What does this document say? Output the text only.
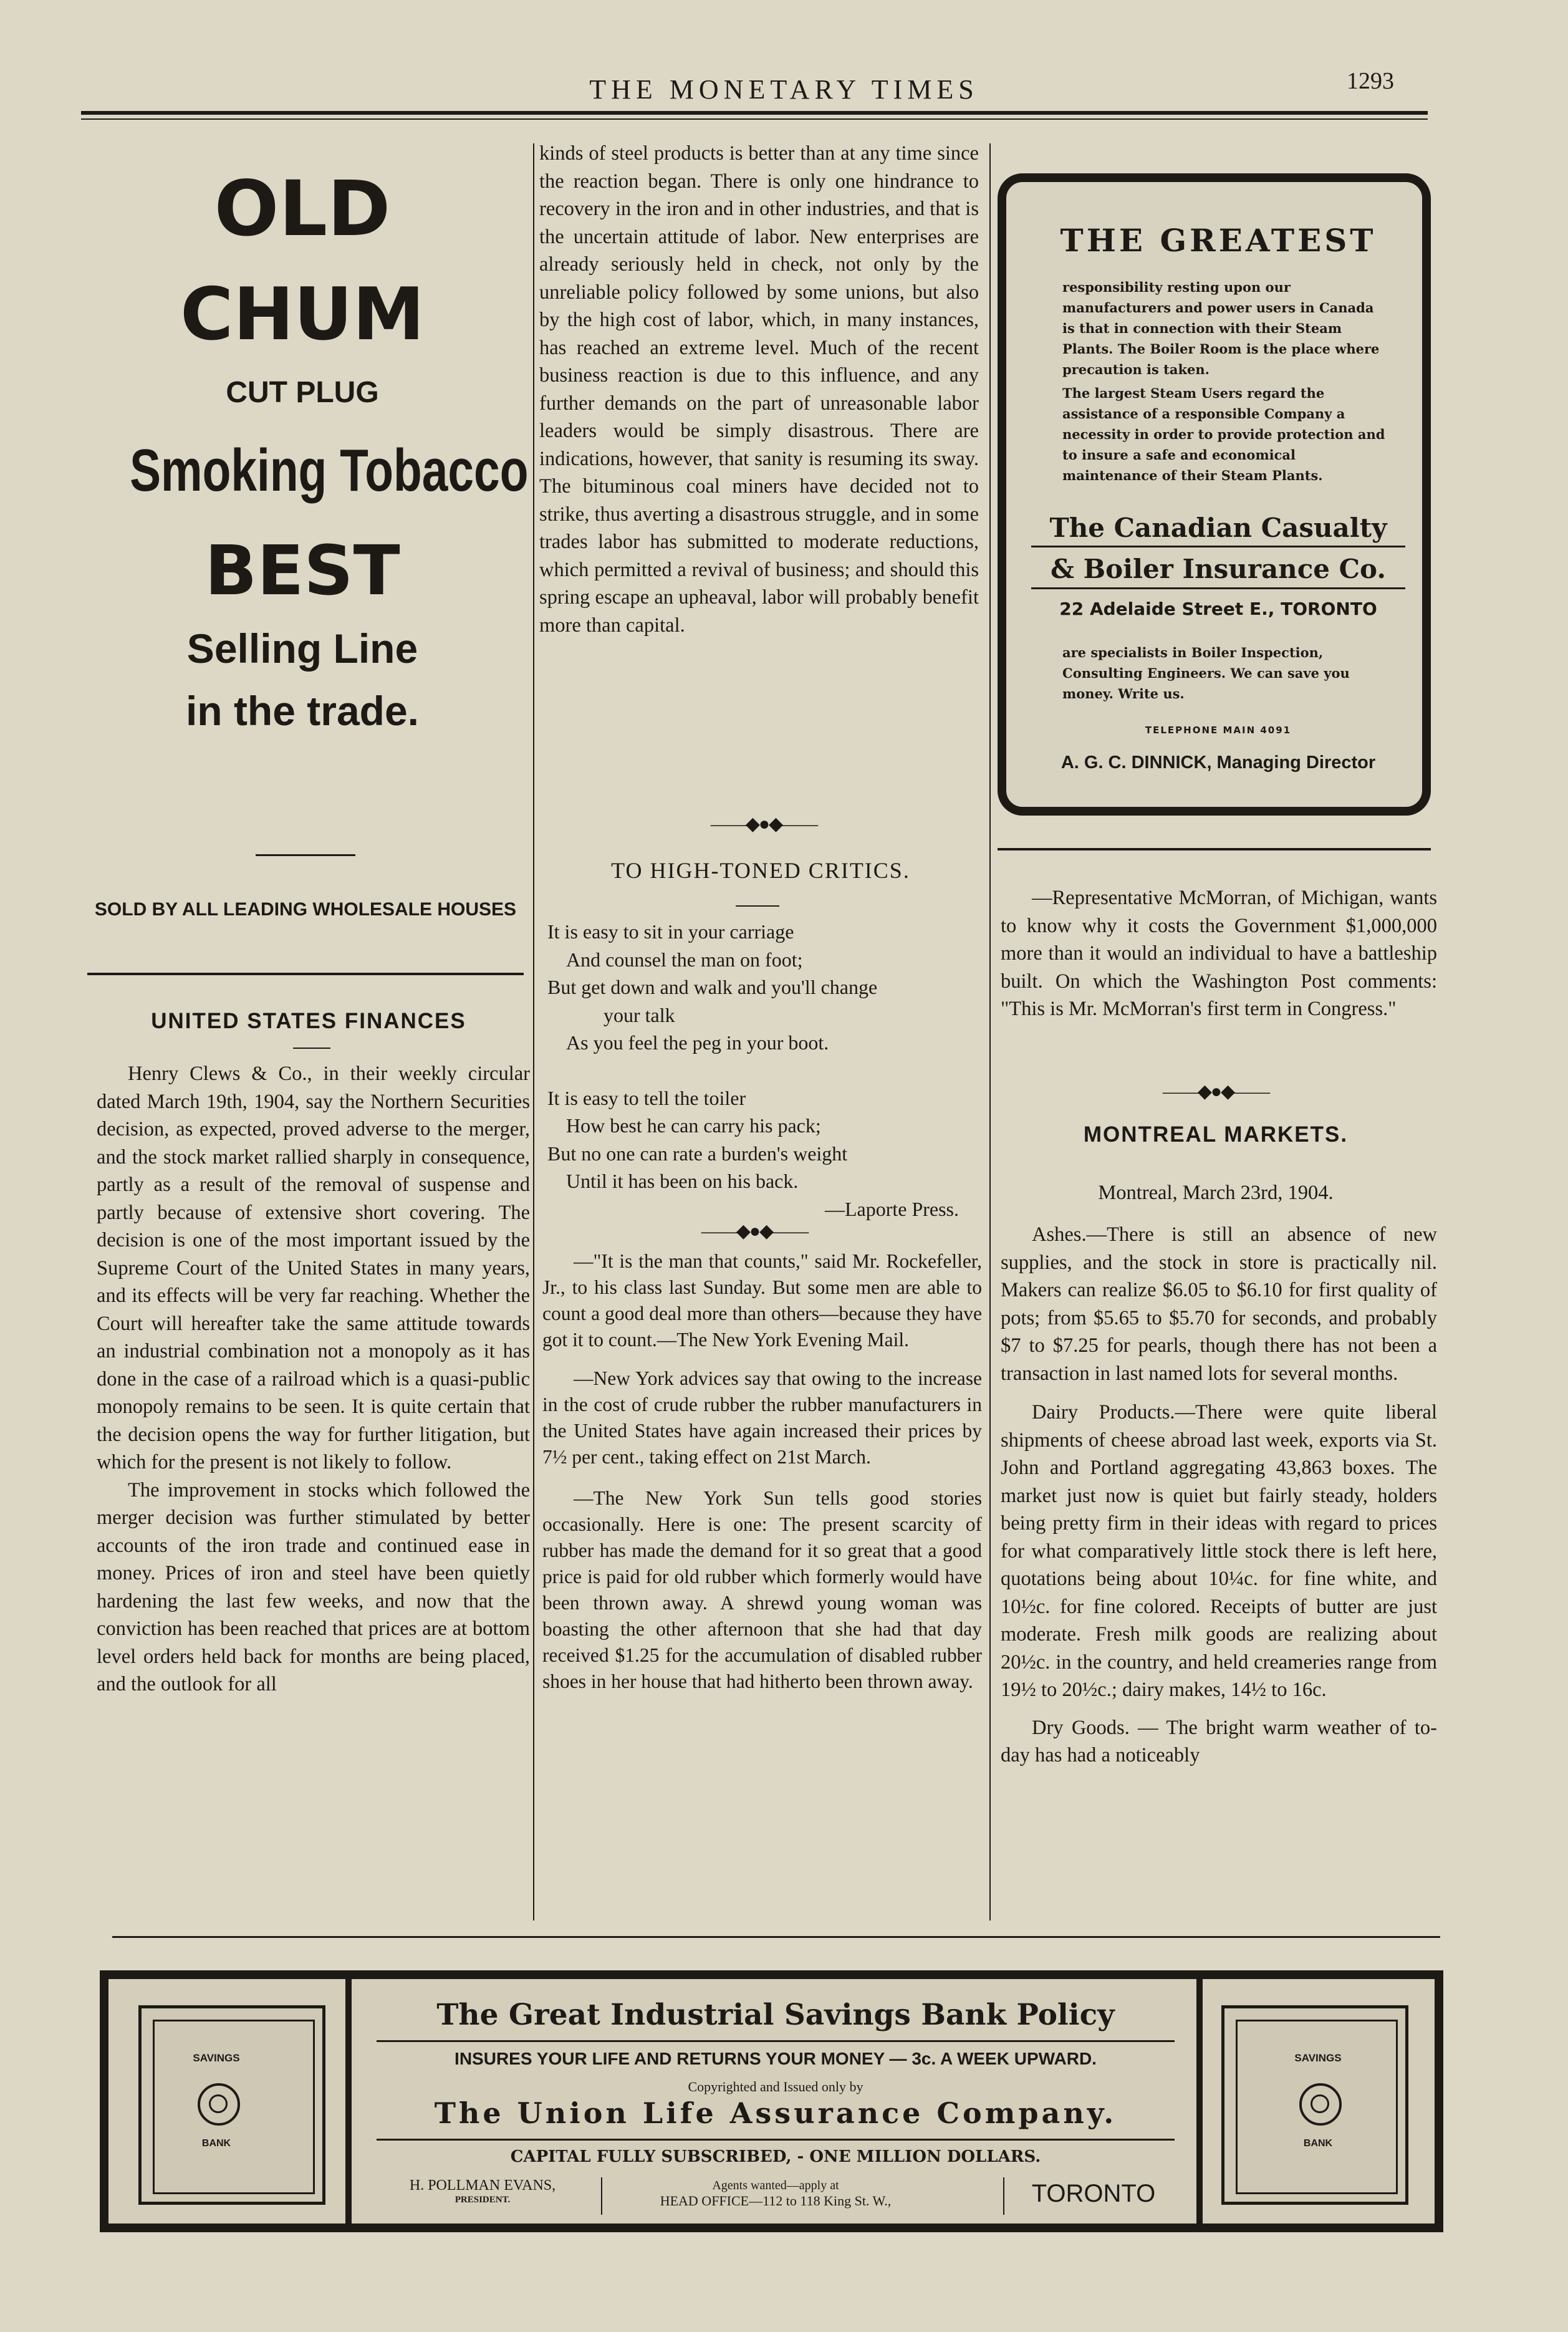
THE MONETARY TIMES	1293
OLD
CHUM
CUT PLUG
Smoking Tobacco
BEST
Selling Line
in the trade.
SOLD BY ALL LEADING WHOLESALE HOUSES
UNITED STATES FINANCES

Henry Clews & Co., in their weekly circular dated March 19th, 1904, say the Northern Securities decision, as expected, proved adverse to the merger, and the stock market rallied sharply in consequence, partly as a result of the removal of suspense and partly because of extensive short covering. The decision is one of the most important issued by the Supreme Court of the United States in many years, and its effects will be very far reaching. Whether the Court will hereafter take the same attitude towards an industrial combination not a monopoly as it has done in the case of a railroad which is a quasi-public monopoly remains to be seen. It is quite certain that the decision opens the way for further litigation, but which for the present is not likely to follow.

The improvement in stocks which followed the merger decision was further stimulated by better accounts of the iron trade and continued ease in money. Prices of iron and steel have been quietly hardening the last few weeks, and now that the conviction has been reached that prices are at bottom level orders held back for months are being placed, and the outlook for all

kinds of steel products is better than at any time since the reaction began. There is only one hindrance to recovery in the iron and in other industries, and that is the uncertain attitude of labor. New enterprises are already seriously held in check, not only by the unreliable policy followed by some unions, but also by the high cost of labor, which, in many instances, has reached an extreme level. Much of the recent business reaction is due to this influence, and any further demands on the part of unreasonable labor leaders would be simply disastrous. There are indications, however, that sanity is resuming its sway. The bituminous coal miners have decided not to strike, thus averting a disastrous struggle, and in some trades labor has submitted to moderate reductions, which permitted a revival of business; and should this spring escape an upheaval, labor will probably benefit more than capital.

——◆●◆——
TO HIGH-TONED CRITICS.
It is easy to sit in your carriage
And counsel the man on foot;
But get down and walk and you'll change
your talk
As you feel the peg in your boot.
It is easy to tell the toiler
How best he can carry his pack;
But no one can rate a burden's weight
Until it has been on his back.
—Laporte Press.
——◆●◆——

—"It is the man that counts," said Mr. Rockefeller, Jr., to his class last Sunday. But some men are able to count a good deal more than others—because they have got it to count.—The New York Evening Mail.

—New York advices say that owing to the increase in the cost of crude rubber the rubber manufacturers in the United States have again increased their prices by 7½ per cent., taking effect on 21st March.

—The New York Sun tells good stories occasionally. Here is one: The present scarcity of rubber has made the demand for it so great that a good price is paid for old rubber which formerly would have been thrown away. A shrewd young woman was boasting the other afternoon that she had that day received $1.25 for the accumulation of disabled rubber shoes in her house that had hitherto been thrown away.

THE GREATEST
responsibility resting upon our manufacturers and power users in Canada is that in connection with their Steam Plants. The Boiler Room is the place where precaution is taken.
The largest Steam Users regard the assistance of a responsible Company a necessity in order to provide protection and to insure a safe and economical maintenance of their Steam Plants.
The Canadian Casualty
& Boiler Insurance Co.
22 Adelaide Street E., TORONTO
are specialists in Boiler Inspection, Consulting Engineers. We can save you money. Write us.
TELEPHONE MAIN 4091
A. G. C. DINNICK, Managing Director

—Representative McMorran, of Michigan, wants to know why it costs the Government $1,000,000 more than it would an individual to have a battleship built. On which the Washington Post comments: "This is Mr. McMorran's first term in Congress."

——◆●◆——
MONTREAL MARKETS.
Montreal, March 23rd, 1904.

Ashes.—There is still an absence of new supplies, and the stock in store is practically nil. Makers can realize $6.05 to $6.10 for first quality of pots; from $5.65 to $5.70 for seconds, and probably $7 to $7.25 for pearls, though there has not been a transaction in last named lots for several months.

Dairy Products.—There were quite liberal shipments of cheese abroad last week, exports via St. John and Portland aggregating 43,863 boxes. The market just now is quiet but fairly steady, holders being pretty firm in their ideas with regard to prices for what comparatively little stock there is left here, quotations being about 10¼c. for fine white, and 10½c. for fine colored. Receipts of butter are just moderate. Fresh milk goods are realizing about 20½c. in the country, and held creameries range from 19½ to 20½c.; dairy makes, 14½ to 16c.

Dry Goods. — The bright warm weather of to-day has had a noticeably

SAVINGS
BANK
The Great Industrial Savings Bank Policy
INSURES YOUR LIFE AND RETURNS YOUR MONEY — 3c. A WEEK UPWARD.
Copyrighted and Issued only by
The Union Life Assurance Company.
CAPITAL FULLY SUBSCRIBED, - ONE MILLION DOLLARS.
H. POLLMAN EVANS,
PRESIDENT.
Agents wanted—apply at
HEAD OFFICE—112 to 118 King St. W.,	TORONTO
SAVINGS
BANK
